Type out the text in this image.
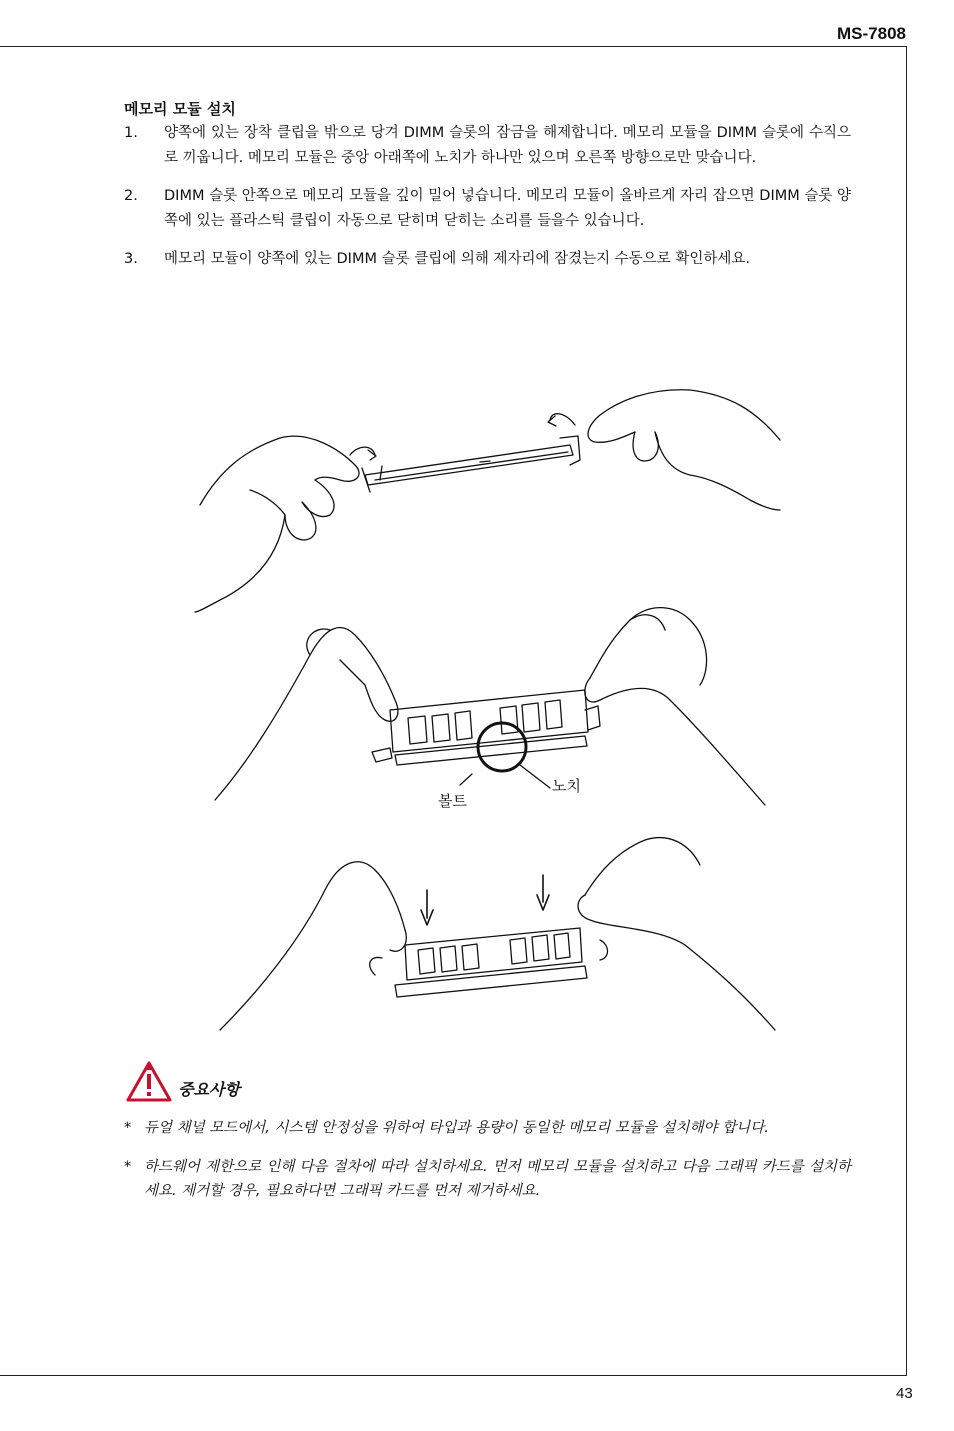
MS-7808
메모리 모듈 설치
1. 양쪽에 있는 장착 클립을 밖으로 당겨 DIMM 슬롯의 잠금을 해제합니다. 메모리 모듈을 DIMM 슬롯에 수직으로 끼웁니다. 메모리 모듈은 중앙 아래쪽에 노치가 하나만 있으며 오른쪽 방향으로만 맞습니다.
2. DIMM 슬롯 안쪽으로 메모리 모듈을 깊이 밀어 넣습니다. 메모리 모듈이 올바르게 자리 잡으면 DIMM 슬롯 양쪽에 있는 플라스틱 클립이 자동으로 닫히며 닫히는 소리를 들을수 있습니다.
3. 메모리 모듈이 양쪽에 있는 DIMM 슬롯 클립에 의해 제자리에 잠겼는지 수동으로 확인하세요.
노치
볼트
중요사항
* 듀얼 채널 모드에서, 시스템 안정성을 위하여 타입과 용량이 동일한 메모리 모듈을 설치해야 합니다.
* 하드웨어 제한으로 인해 다음 절차에 따라 설치하세요. 먼저 메모리 모듈을 설치하고 다음 그래픽 카드를 설치하세요. 제거할 경우, 필요하다면 그래픽 카드를 먼저 제거하세요.
43
